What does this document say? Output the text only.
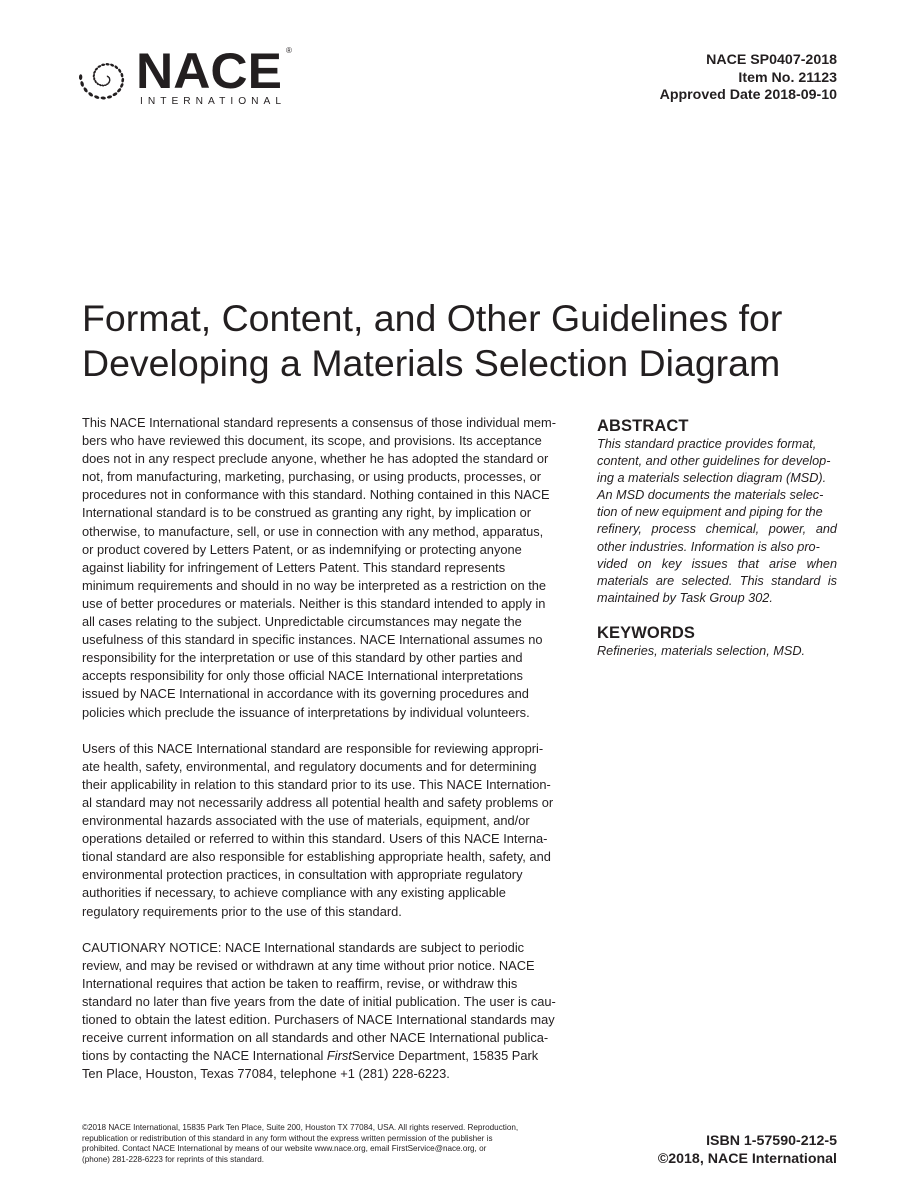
NACE ®
INTERNATIONAL
NACE SP0407-2018
Item No. 21123
Approved Date 2018-09-10
Format, Content, and Other Guidelines for
Developing a Materials Selection Diagram

This NACE International standard represents a consensus of those individual mem-
bers who have reviewed this document, its scope, and provisions. Its acceptance
does not in any respect preclude anyone, whether he has adopted the standard or
not, from manufacturing, marketing, purchasing, or using products, processes, or
procedures not in conformance with this standard. Nothing contained in this NACE
International standard is to be construed as granting any right, by implication or
otherwise, to manufacture, sell, or use in connection with any method, apparatus,
or product covered by Letters Patent, or as indemnifying or protecting anyone
against liability for infringement of Letters Patent. This standard represents
minimum requirements and should in no way be interpreted as a restriction on the
use of better procedures or materials. Neither is this standard intended to apply in
all cases relating to the subject. Unpredictable circumstances may negate the
usefulness of this standard in specific instances. NACE International assumes no
responsibility for the interpretation or use of this standard by other parties and
accepts responsibility for only those official NACE International interpretations
issued by NACE International in accordance with its governing procedures and
policies which preclude the issuance of interpretations by individual volunteers.

Users of this NACE International standard are responsible for reviewing appropri-
ate health, safety, environmental, and regulatory documents and for determining
their applicability in relation to this standard prior to its use. This NACE Internation-
al standard may not necessarily address all potential health and safety problems or
environmental hazards associated with the use of materials, equipment, and/or
operations detailed or referred to within this standard. Users of this NACE Interna-
tional standard are also responsible for establishing appropriate health, safety, and
environmental protection practices, in consultation with appropriate regulatory
authorities if necessary, to achieve compliance with any existing applicable
regulatory requirements prior to the use of this standard.

CAUTIONARY NOTICE: NACE International standards are subject to periodic
review, and may be revised or withdrawn at any time without prior notice. NACE
International requires that action be taken to reaffirm, revise, or withdraw this
standard no later than five years from the date of initial publication. The user is cau-
tioned to obtain the latest edition. Purchasers of NACE International standards may
receive current information on all standards and other NACE International publica-
tions by contacting the NACE International FirstService Department, 15835 Park
Ten Place, Houston, Texas 77084, telephone +1 (281) 228-6223.

ABSTRACT

This standard practice provides format,
content, and other guidelines for develop-
ing a materials selection diagram (MSD).
An MSD documents the materials selec-
tion of new equipment and piping for the
refinery, process chemical, power, and
other industries. Information is also pro-
vided on key issues that arise when
materials are selected. This standard is
maintained by Task Group 302.

KEYWORDS

Refineries, materials selection, MSD.

©2018 NACE International, 15835 Park Ten Place, Suite 200, Houston TX 77084, USA. All rights reserved. Reproduction,
republication or redistribution of this standard in any form without the express written permission of the publisher is
prohibited. Contact NACE International by means of our website www.nace.org, email FirstService@nace.org, or
(phone) 281-228-6223 for reprints of this standard.
ISBN 1-57590-212-5
©2018, NACE International
